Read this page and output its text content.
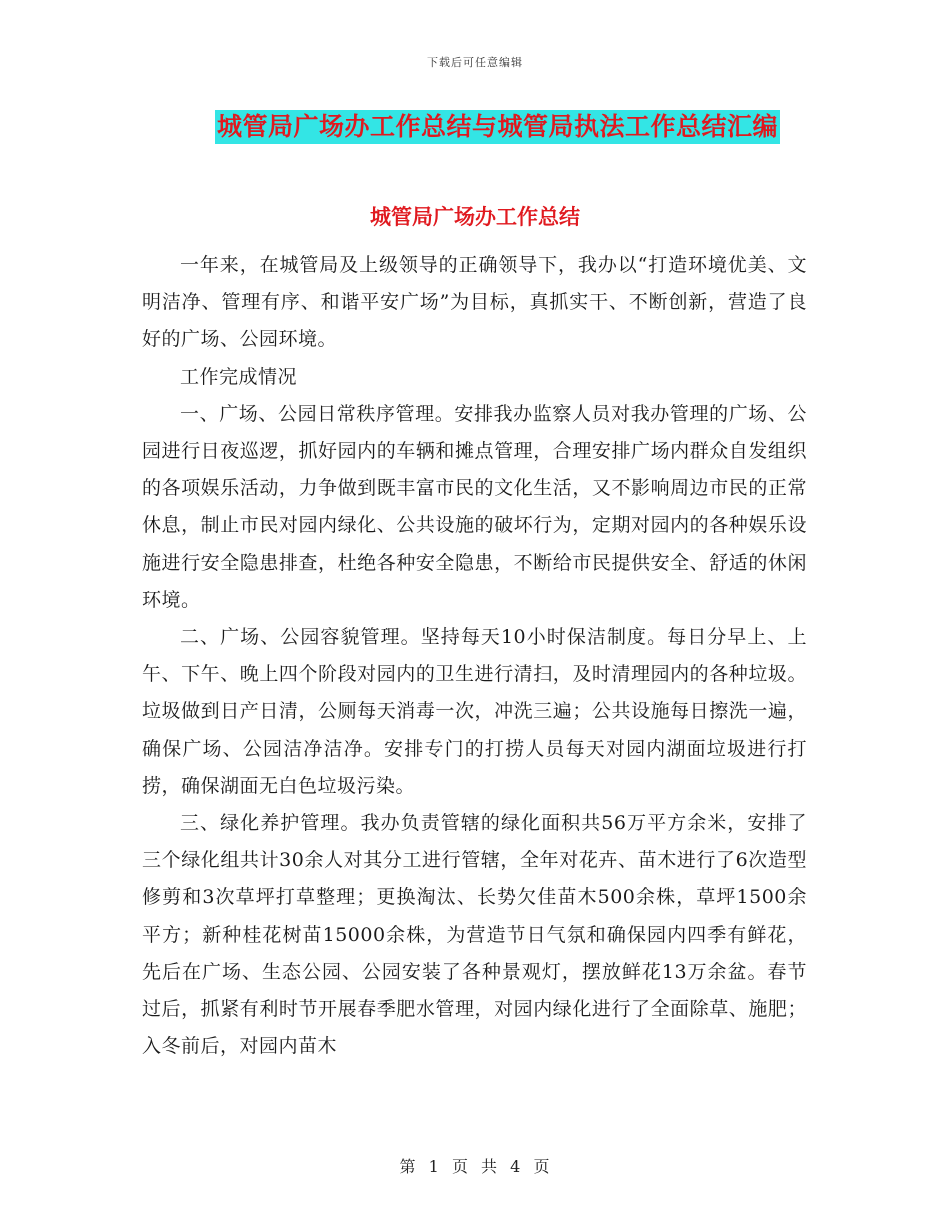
下载后可任意编辑
城管局广场办工作总结与城管局执法工作总结汇编
城管局广场办工作总结

一年来，在城管局及上级领导的正确领导下，我办以“打造环境优美、文明洁净、管理有序、和谐平安广场”为目标，真抓实干、不断创新，营造了良好的广场、公园环境。

工作完成情况

一、广场、公园日常秩序管理。安排我办监察人员对我办管理的广场、公园进行日夜巡逻，抓好园内的车辆和摊点管理，合理安排广场内群众自发组织的各项娱乐活动，力争做到既丰富市民的文化生活，又不影响周边市民的正常休息，制止市民对园内绿化、公共设施的破坏行为，定期对园内的各种娱乐设施进行安全隐患排查，杜绝各种安全隐患，不断给市民提供安全、舒适的休闲环境。

二、广场、公园容貌管理。坚持每天10小时保洁制度。每日分早上、上午、下午、晚上四个阶段对园内的卫生进行清扫，及时清理园内的各种垃圾。垃圾做到日产日清，公厕每天消毒一次，冲洗三遍；公共设施每日擦洗一遍，确保广场、公园洁净洁净。安排专门的打捞人员每天对园内湖面垃圾进行打捞，确保湖面无白色垃圾污染。

三、绿化养护管理。我办负责管辖的绿化面积共56万平方余米，安排了三个绿化组共计30余人对其分工进行管辖，全年对花卉、苗木进行了6次造型修剪和3次草坪打草整理；更换淘汰、长势欠佳苗木500余株，草坪1500余平方；新种桂花树苗15000余株，为营造节日气氛和确保园内四季有鲜花，先后在广场、生态公园、公园安装了各种景观灯，摆放鲜花13万余盆。春节过后，抓紧有利时节开展春季肥水管理，对园内绿化进行了全面除草、施肥；入冬前后，对园内苗木

第 1 页 共 4 页
